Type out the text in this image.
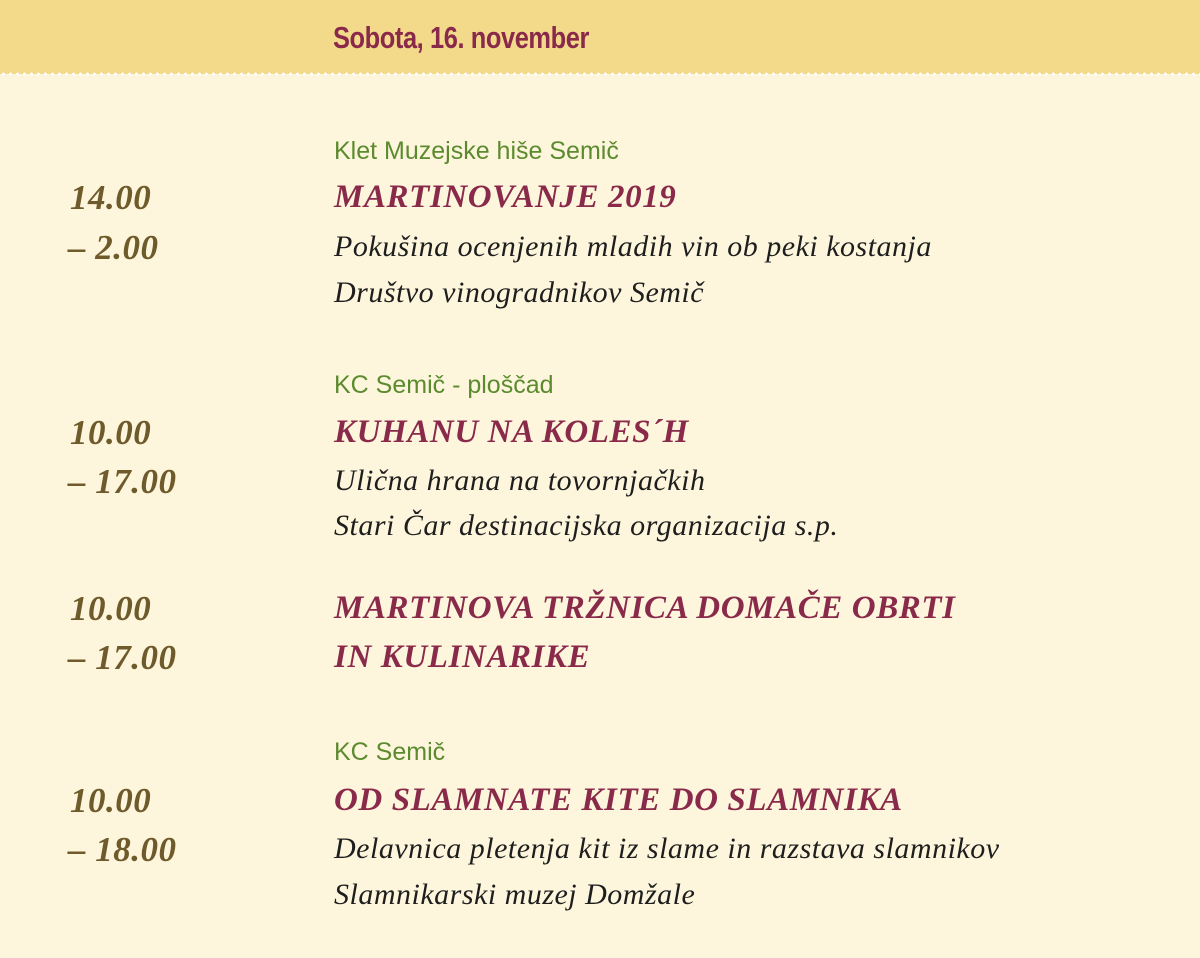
Sobota, 16. november
Klet Muzejske hiše Semič
14.00	MARTINOVANJE 2019
– 2.00	Pokušina ocenjenih mladih vin ob peki kostanja
Društvo vinogradnikov Semič
KC Semič - ploščad
10.00	KUHANU NA KOLES´H
– 17.00	Ulična hrana na tovornjačkih
Stari Čar destinacijska organizacija s.p.
10.00	MARTINOVA TRŽNICA DOMAČE OBRTI
– 17.00	IN KULINARIKE
KC Semič
10.00	OD SLAMNATE KITE DO SLAMNIKA
– 18.00	Delavnica pletenja kit iz slame in razstava slamnikov
Slamnikarski muzej Domžale
